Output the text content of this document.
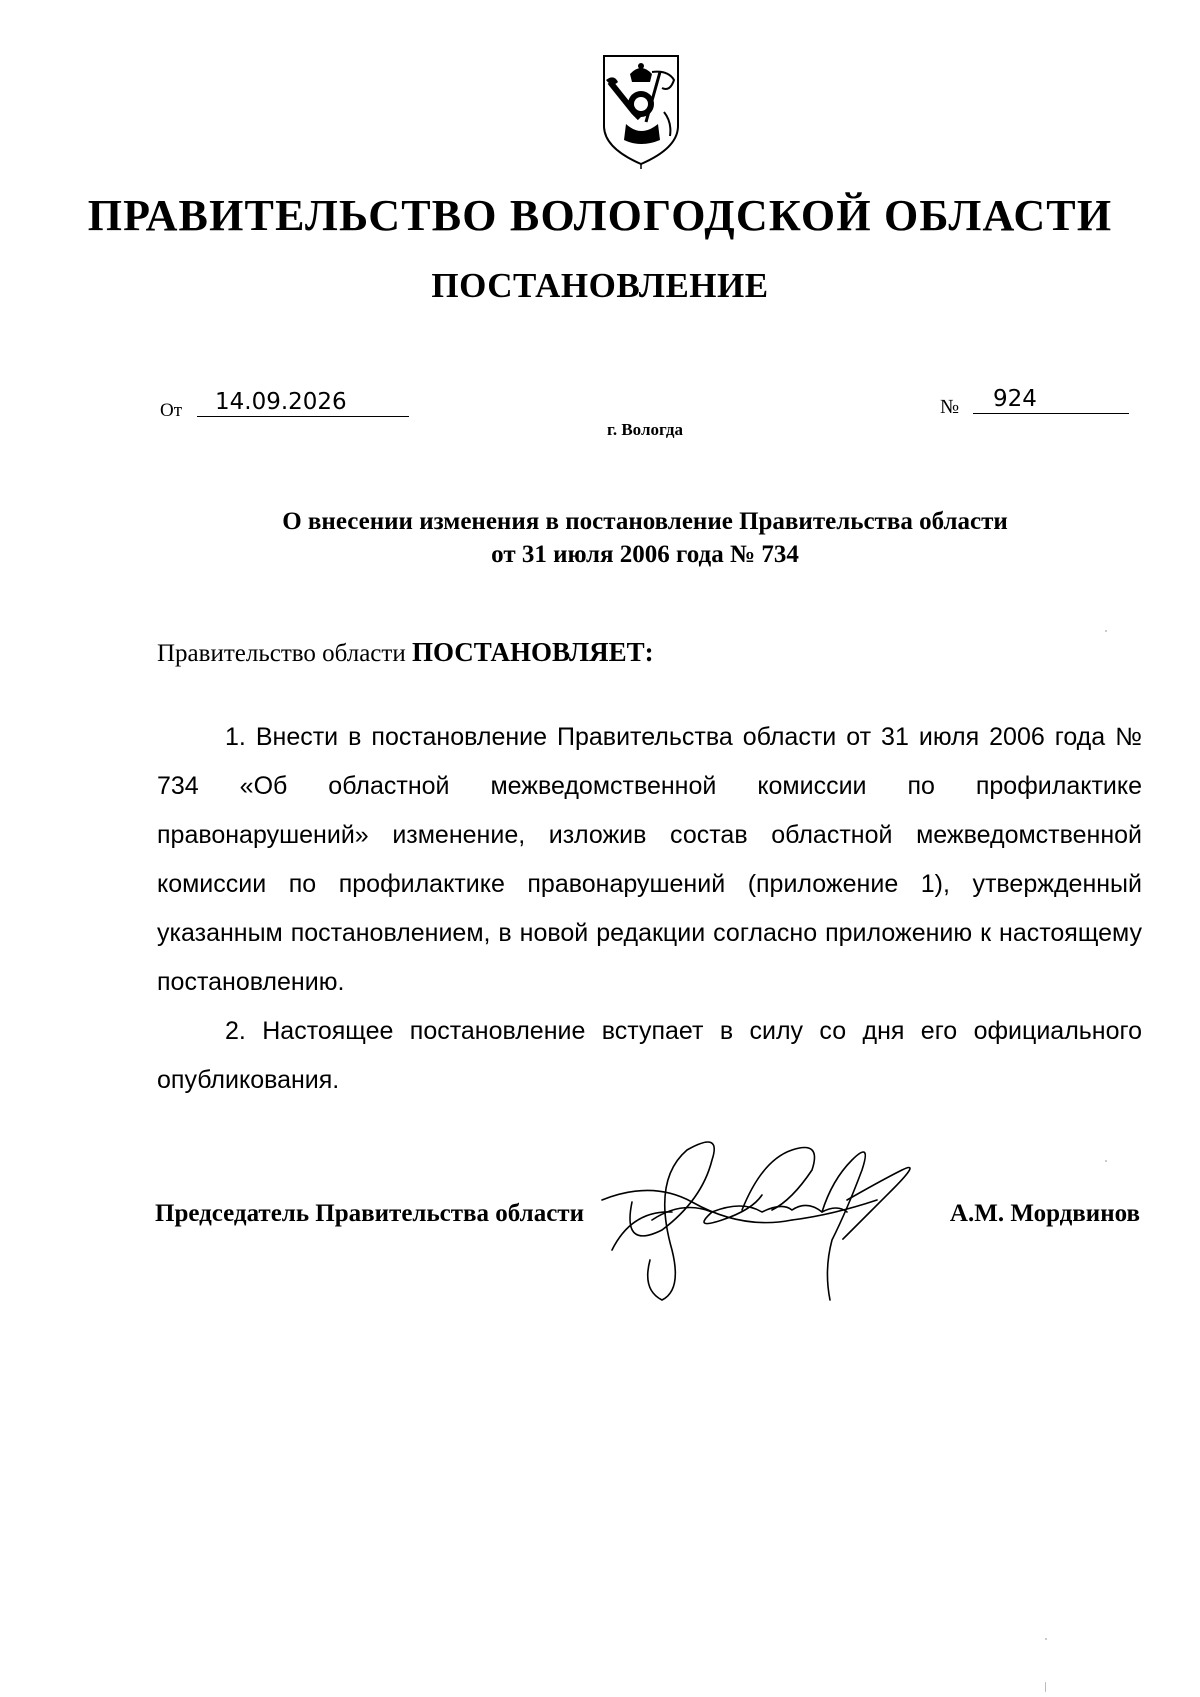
ПРАВИТЕЛЬСТВО ВОЛОГОДСКОЙ ОБЛАСТИ
ПОСТАНОВЛЕНИЕ
От	14.09.2026	№	924
г. Вологда
О внесении изменения в постановление Правительства области
от 31 июля 2006 года № 734
Правительство области ПОСТАНОВЛЯЕТ:

1. Внести в постановление Правительства области от 31 июля 2006 года № 734 «Об областной межведомственной комиссии по профилактике правонарушений» изменение, изложив состав областной межведомственной комиссии по профилактике правонарушений (приложение 1), утвержденный указанным постановлением, в новой редакции согласно приложению к настоящему постановлению.

2. Настоящее постановление вступает в силу со дня его официального опубликования.

Председатель Правительства области	А.М. Мордвинов
